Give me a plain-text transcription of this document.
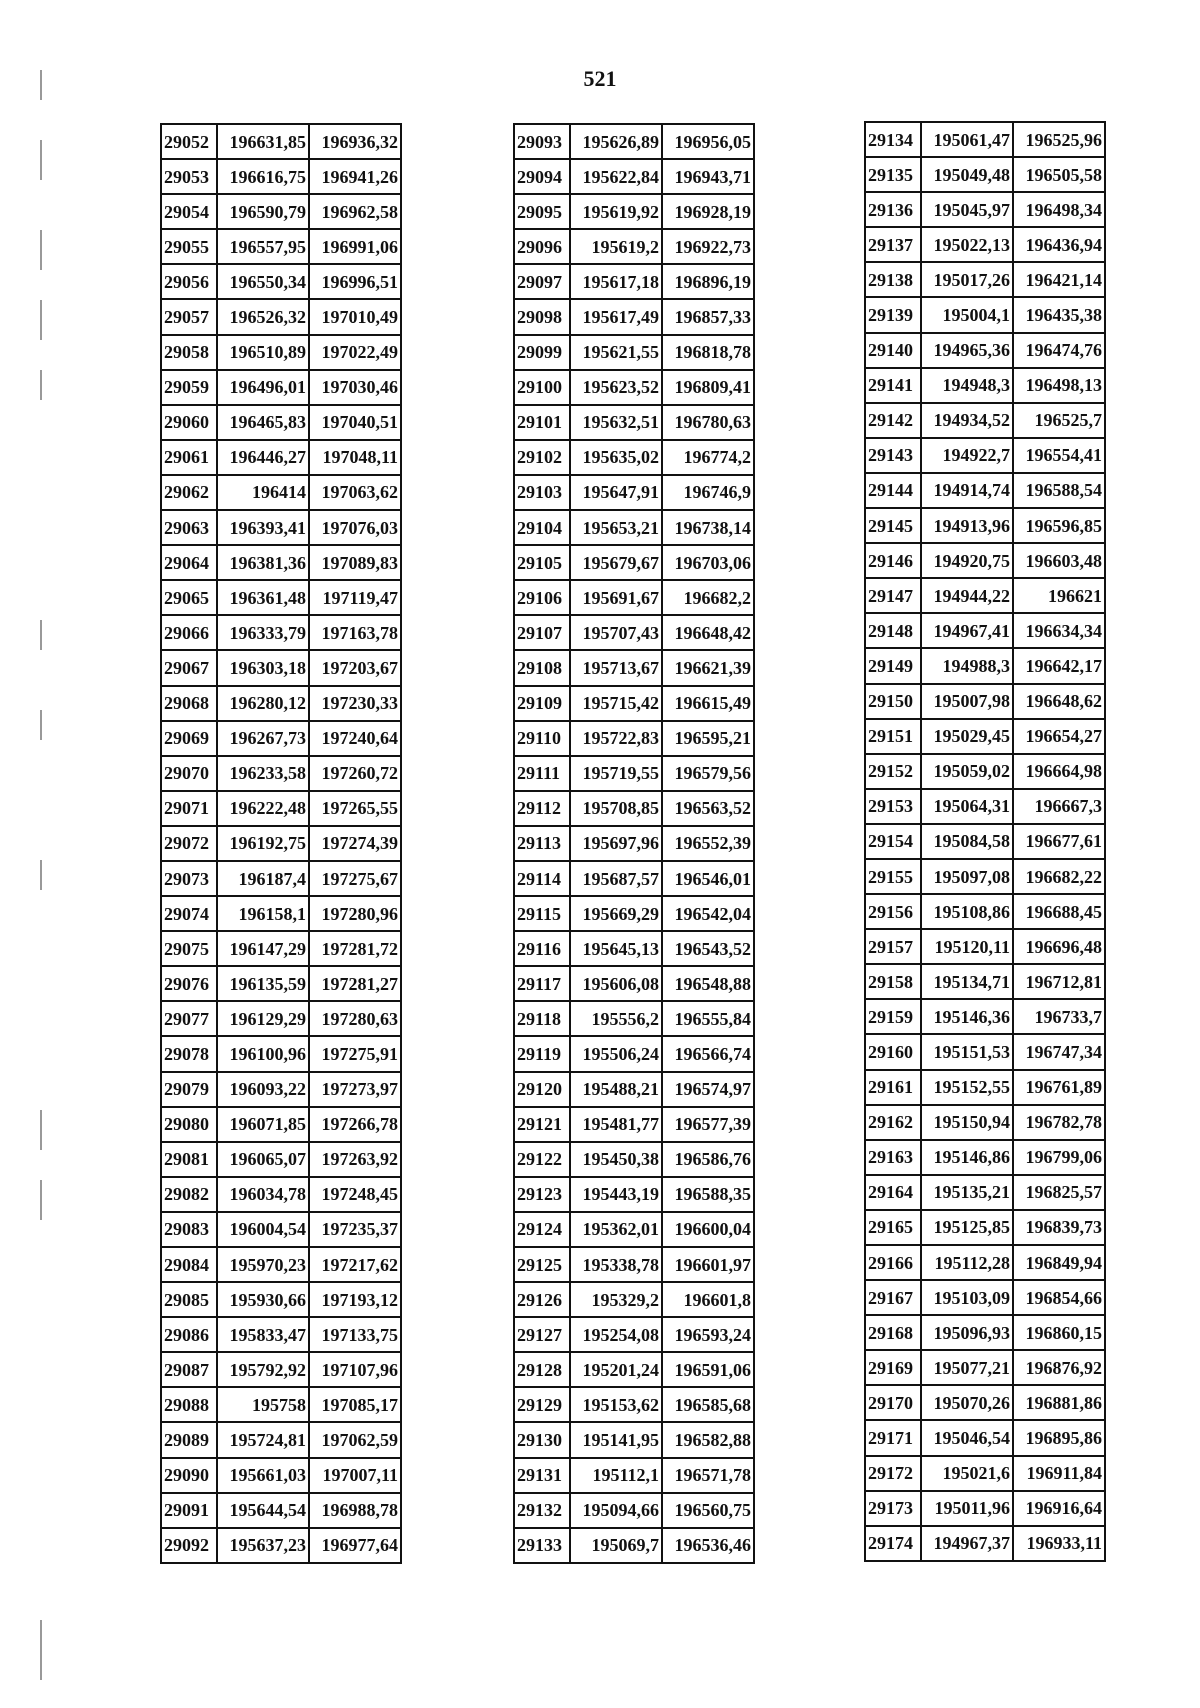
521
29052	196631,85	196936,32
29053	196616,75	196941,26
29054	196590,79	196962,58
29055	196557,95	196991,06
29056	196550,34	196996,51
29057	196526,32	197010,49
29058	196510,89	197022,49
29059	196496,01	197030,46
29060	196465,83	197040,51
29061	196446,27	197048,11
29062	196414	197063,62
29063	196393,41	197076,03
29064	196381,36	197089,83
29065	196361,48	197119,47
29066	196333,79	197163,78
29067	196303,18	197203,67
29068	196280,12	197230,33
29069	196267,73	197240,64
29070	196233,58	197260,72
29071	196222,48	197265,55
29072	196192,75	197274,39
29073	196187,4	197275,67
29074	196158,1	197280,96
29075	196147,29	197281,72
29076	196135,59	197281,27
29077	196129,29	197280,63
29078	196100,96	197275,91
29079	196093,22	197273,97
29080	196071,85	197266,78
29081	196065,07	197263,92
29082	196034,78	197248,45
29083	196004,54	197235,37
29084	195970,23	197217,62
29085	195930,66	197193,12
29086	195833,47	197133,75
29087	195792,92	197107,96
29088	195758	197085,17
29089	195724,81	197062,59
29090	195661,03	197007,11
29091	195644,54	196988,78
29092	195637,23	196977,64
29093	195626,89	196956,05
29094	195622,84	196943,71
29095	195619,92	196928,19
29096	195619,2	196922,73
29097	195617,18	196896,19
29098	195617,49	196857,33
29099	195621,55	196818,78
29100	195623,52	196809,41
29101	195632,51	196780,63
29102	195635,02	196774,2
29103	195647,91	196746,9
29104	195653,21	196738,14
29105	195679,67	196703,06
29106	195691,67	196682,2
29107	195707,43	196648,42
29108	195713,67	196621,39
29109	195715,42	196615,49
29110	195722,83	196595,21
29111	195719,55	196579,56
29112	195708,85	196563,52
29113	195697,96	196552,39
29114	195687,57	196546,01
29115	195669,29	196542,04
29116	195645,13	196543,52
29117	195606,08	196548,88
29118	195556,2	196555,84
29119	195506,24	196566,74
29120	195488,21	196574,97
29121	195481,77	196577,39
29122	195450,38	196586,76
29123	195443,19	196588,35
29124	195362,01	196600,04
29125	195338,78	196601,97
29126	195329,2	196601,8
29127	195254,08	196593,24
29128	195201,24	196591,06
29129	195153,62	196585,68
29130	195141,95	196582,88
29131	195112,1	196571,78
29132	195094,66	196560,75
29133	195069,7	196536,46
29134	195061,47	196525,96
29135	195049,48	196505,58
29136	195045,97	196498,34
29137	195022,13	196436,94
29138	195017,26	196421,14
29139	195004,1	196435,38
29140	194965,36	196474,76
29141	194948,3	196498,13
29142	194934,52	196525,7
29143	194922,7	196554,41
29144	194914,74	196588,54
29145	194913,96	196596,85
29146	194920,75	196603,48
29147	194944,22	196621
29148	194967,41	196634,34
29149	194988,3	196642,17
29150	195007,98	196648,62
29151	195029,45	196654,27
29152	195059,02	196664,98
29153	195064,31	196667,3
29154	195084,58	196677,61
29155	195097,08	196682,22
29156	195108,86	196688,45
29157	195120,11	196696,48
29158	195134,71	196712,81
29159	195146,36	196733,7
29160	195151,53	196747,34
29161	195152,55	196761,89
29162	195150,94	196782,78
29163	195146,86	196799,06
29164	195135,21	196825,57
29165	195125,85	196839,73
29166	195112,28	196849,94
29167	195103,09	196854,66
29168	195096,93	196860,15
29169	195077,21	196876,92
29170	195070,26	196881,86
29171	195046,54	196895,86
29172	195021,6	196911,84
29173	195011,96	196916,64
29174	194967,37	196933,11
